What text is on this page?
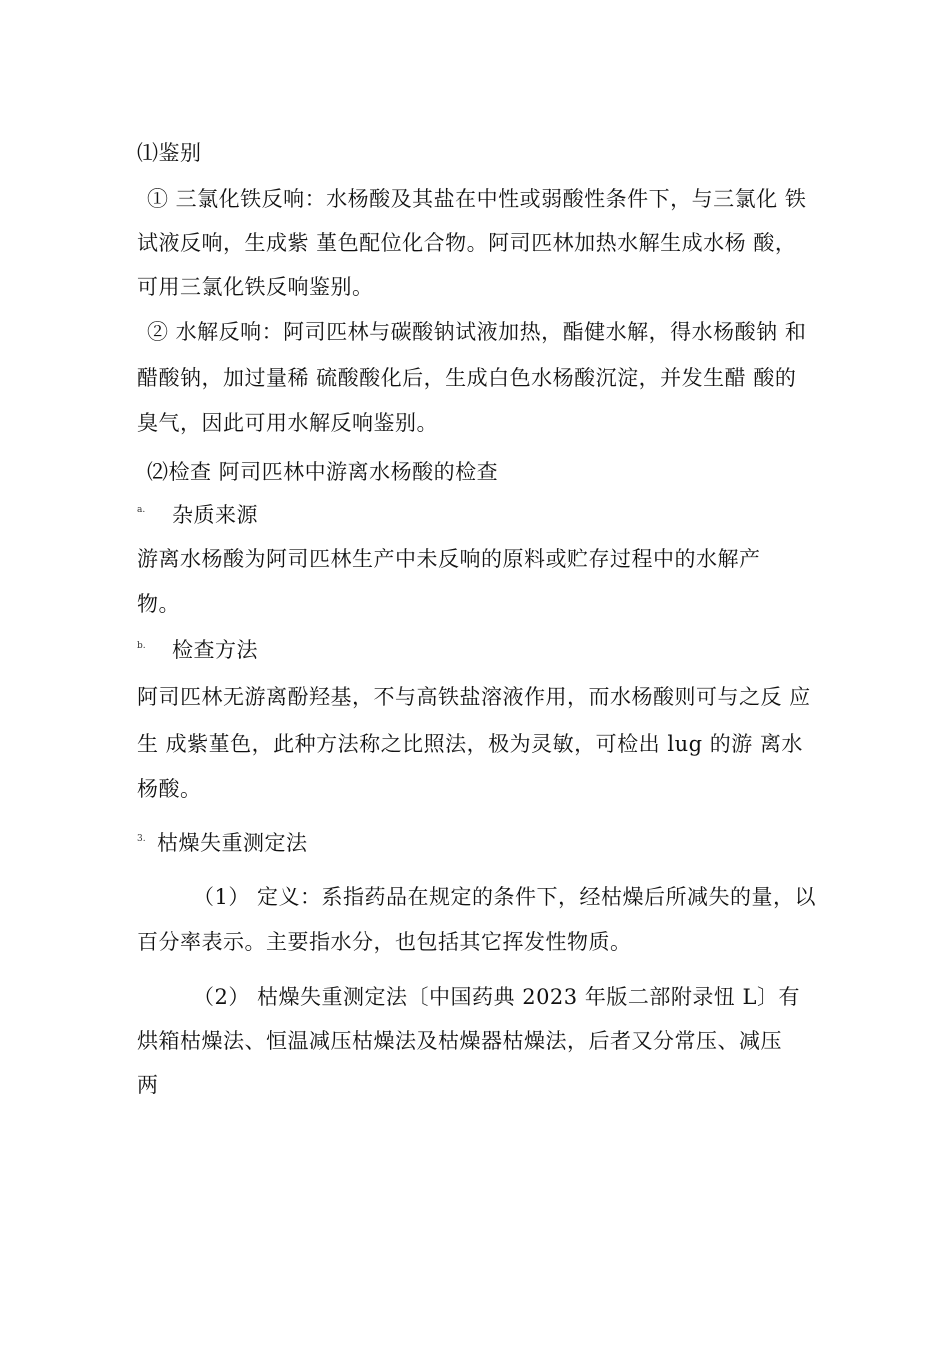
⑴鉴别
① 三氯化铁反响：水杨酸及其盐在中性或弱酸性条件下，与三氯化 铁
试液反响，生成紫 堇色配位化合物。阿司匹林加热水解生成水杨 酸，
可用三氯化铁反响鉴别。
② 水解反响：阿司匹林与碳酸钠试液加热，酯健水解，得水杨酸钠 和
醋酸钠，加过量稀 硫酸酸化后，生成白色水杨酸沉淀，并发生醋 酸的
臭气，因此可用水解反响鉴别。
⑵检查 阿司匹林中游离水杨酸的检查
a. 杂质来源
游离水杨酸为阿司匹林生产中未反响的原料或贮存过程中的水解产
物。
b. 检查方法
阿司匹林无游离酚羟基，不与高铁盐溶液作用，而水杨酸则可与之反 应
生 成紫堇色，此种方法称之比照法，极为灵敏，可检出 lug 的游 离水
杨酸。
3. 枯燥失重测定法
（1） 定义：系指药品在规定的条件下，经枯燥后所减失的量，以
百分率表示。主要指水分，也包括其它挥发性物质。
（2） 枯燥失重测定法〔中国药典 2023 年版二部附录忸 L〕有
烘箱枯燥法、恒温减压枯燥法及枯燥器枯燥法，后者又分常压、减压
两
